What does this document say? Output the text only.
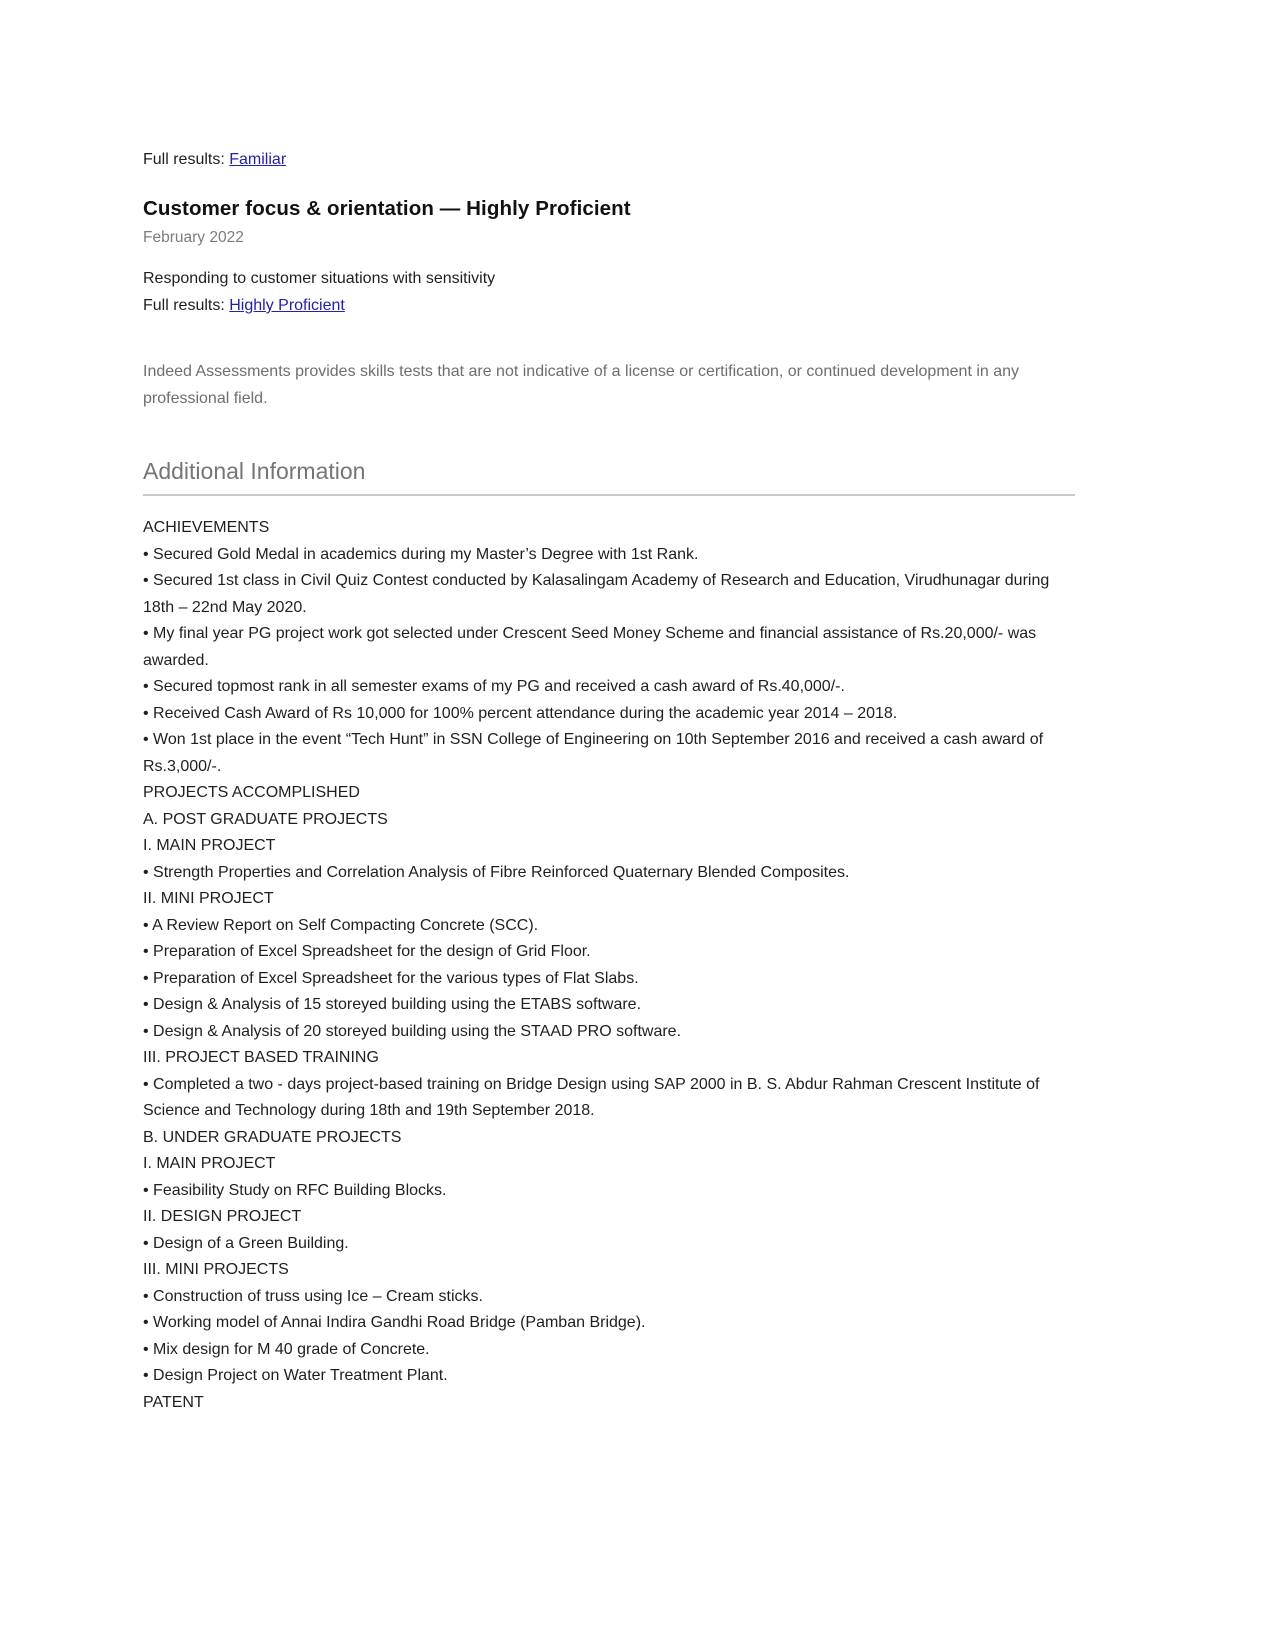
Full results: Familiar
Customer focus & orientation — Highly Proficient
February 2022
Responding to customer situations with sensitivity
Full results: Highly Proficient
Indeed Assessments provides skills tests that are not indicative of a license or certification, or continued development in any professional field.
Additional Information
ACHIEVEMENTS
• Secured Gold Medal in academics during my Master’s Degree with 1st Rank.
• Secured 1st class in Civil Quiz Contest conducted by Kalasalingam Academy of Research and Education, Virudhunagar during 18th – 22nd May 2020.
• My final year PG project work got selected under Crescent Seed Money Scheme and financial assistance of Rs.20,000/- was awarded.
• Secured topmost rank in all semester exams of my PG and received a cash award of Rs.40,000/-.
• Received Cash Award of Rs 10,000 for 100% percent attendance during the academic year 2014 – 2018.
• Won 1st place in the event “Tech Hunt” in SSN College of Engineering on 10th September 2016 and received a cash award of Rs.3,000/-.
PROJECTS ACCOMPLISHED
A. POST GRADUATE PROJECTS
I. MAIN PROJECT
• Strength Properties and Correlation Analysis of Fibre Reinforced Quaternary Blended Composites.
II. MINI PROJECT
• A Review Report on Self Compacting Concrete (SCC).
• Preparation of Excel Spreadsheet for the design of Grid Floor.
• Preparation of Excel Spreadsheet for the various types of Flat Slabs.
• Design & Analysis of 15 storeyed building using the ETABS software.
• Design & Analysis of 20 storeyed building using the STAAD PRO software.
III. PROJECT BASED TRAINING
• Completed a two - days project-based training on Bridge Design using SAP 2000 in B. S. Abdur Rahman Crescent Institute of Science and Technology during 18th and 19th September 2018.
B. UNDER GRADUATE PROJECTS
I. MAIN PROJECT
• Feasibility Study on RFC Building Blocks.
II. DESIGN PROJECT
• Design of a Green Building.
III. MINI PROJECTS
• Construction of truss using Ice – Cream sticks.
• Working model of Annai Indira Gandhi Road Bridge (Pamban Bridge).
• Mix design for M 40 grade of Concrete.
• Design Project on Water Treatment Plant.
PATENT
